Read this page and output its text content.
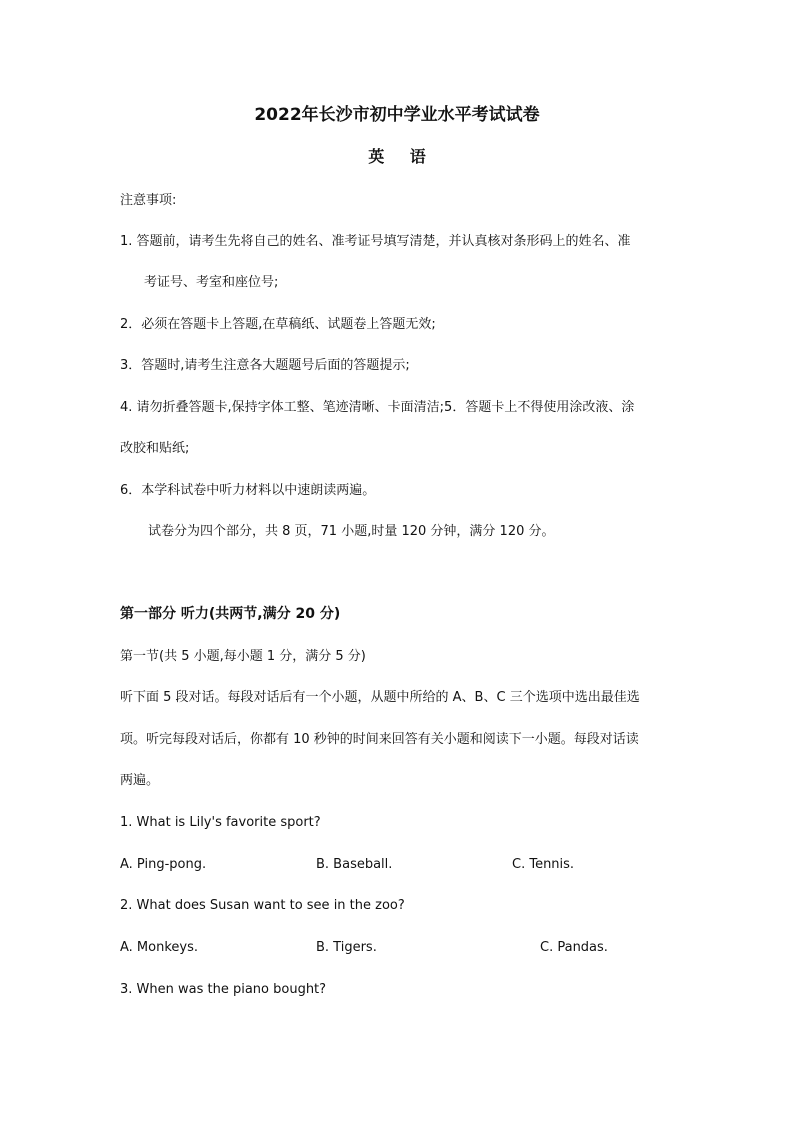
2022年长沙市初中学业水平考试试卷
英 语
注意事项:
1. 答题前，请考生先将自己的姓名、准考证号填写清楚，并认真核对条形码上的姓名、准
考证号、考室和座位号;
2．必须在答题卡上答题,在草稿纸、试题卷上答题无效;
3．答题时,请考生注意各大题题号后面的答题提示;
4. 请勿折叠答题卡,保持字体工整、笔迹清晰、卡面清洁;5．答题卡上不得使用涂改液、涂
改胶和贴纸;
6．本学科试卷中听力材料以中速朗读两遍。
试卷分为四个部分，共 8 页，71 小题,时量 120 分钟，满分 120 分。
第一部分 听力(共两节,满分 20 分)
第一节(共 5 小题,每小题 1 分，满分 5 分)
听下面 5 段对话。每段对话后有一个小题，从题中所给的 A、B、C 三个选项中选出最佳选
项。听完每段对话后，你都有 10 秒钟的时间来回答有关小题和阅读下一小题。每段对话读
两遍。
1. What is Lily's favorite sport?
A. Ping-pong.	B. Baseball.	C. Tennis.
2. What does Susan want to see in the zoo?
A. Monkeys.	B. Tigers.	C. Pandas.
3. When was the piano bought?
